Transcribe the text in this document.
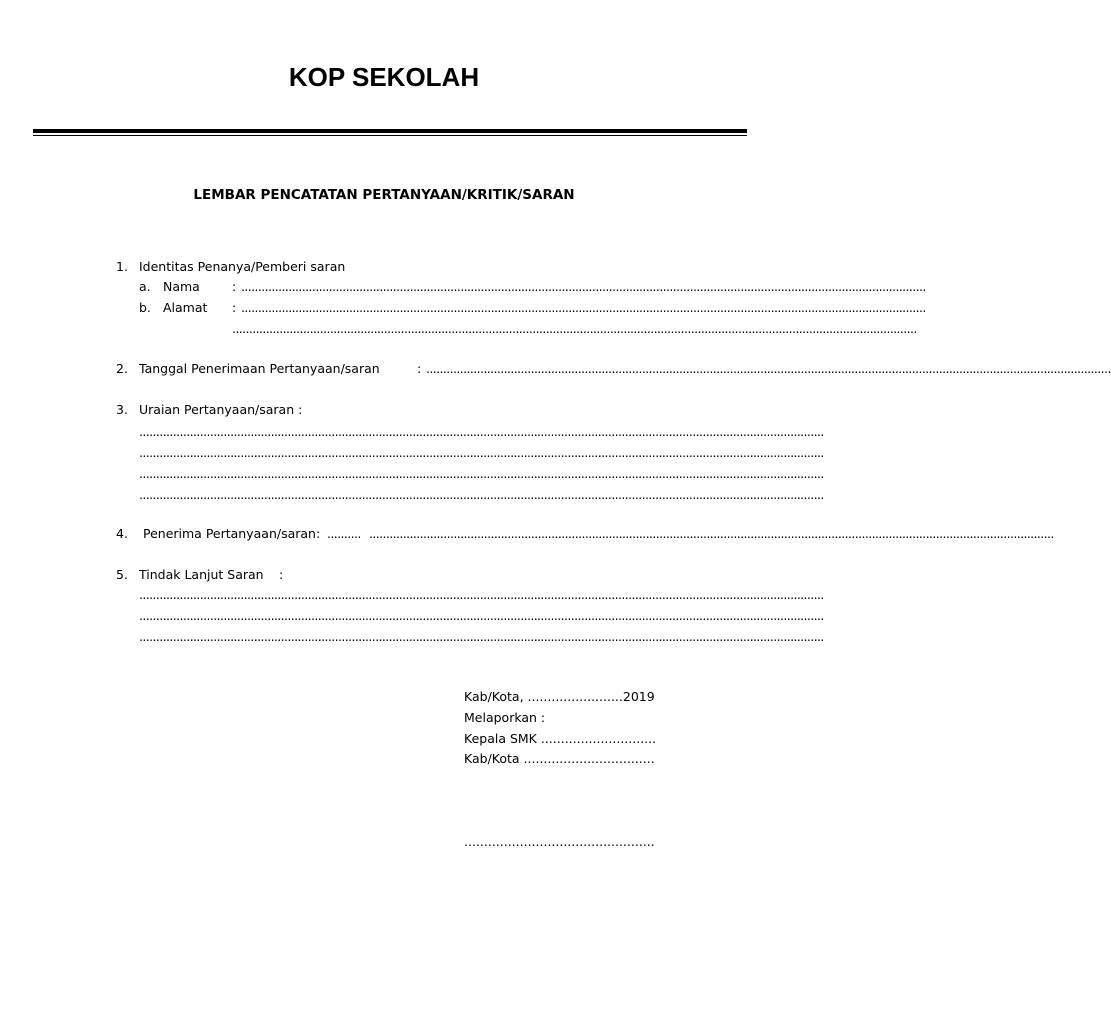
KOP SEKOLAH
LEMBAR PENCATATAN PERTANYAAN/KRITIK/SARAN
1. Identitas Penanya/Pemberi saran
a. Nama	: ...........................................................................................................................................................................................................
b. Alamat : ...........................................................................................................................................................................................................
...........................................................................................................................................................................................................
2. Tanggal Penerimaan Pertanyaan/saran	: ...........................................................................................................................................................................................................
3. Uraian Pertanyaan/saran :
...........................................................................................................................................................................................................
...........................................................................................................................................................................................................
...........................................................................................................................................................................................................
...........................................................................................................................................................................................................
4. Penerima Pertanyaan/saran: .......... ...........................................................................................................................................................................................................
5. Tindak Lanjut Saran :
...........................................................................................................................................................................................................
...........................................................................................................................................................................................................
...........................................................................................................................................................................................................
Kab/Kota, ........................2019
Melaporkan :
Kepala SMK .............................
Kab/Kota .................................
................................................
